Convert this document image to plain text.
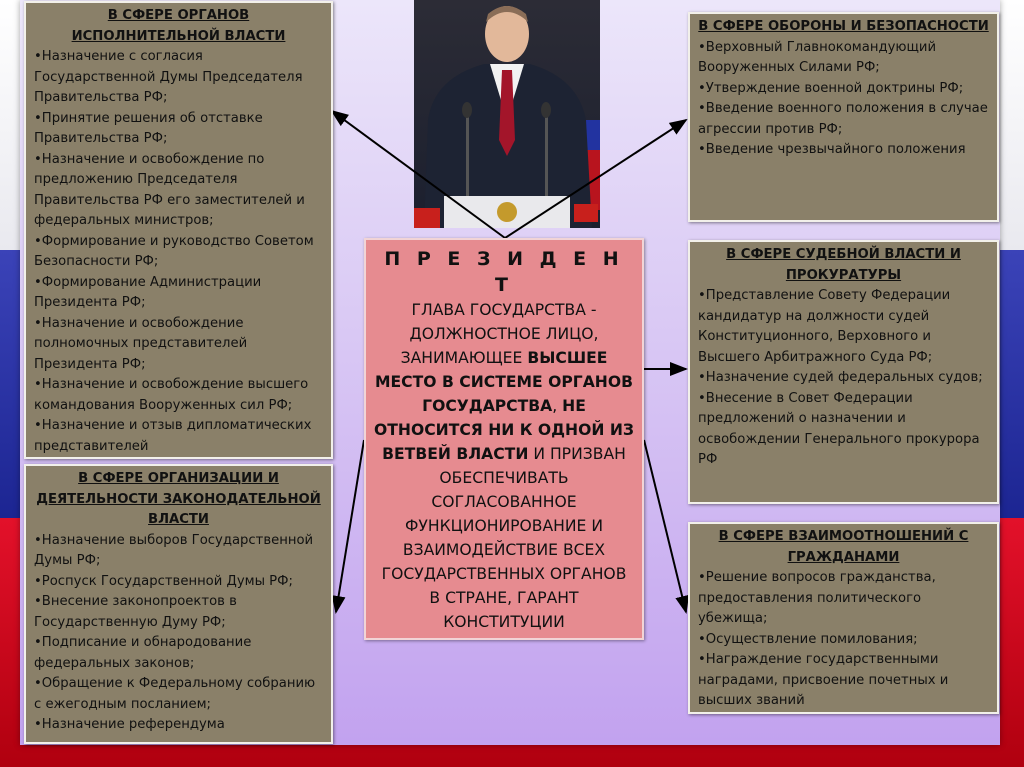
В СФЕРЕ ОРГАНОВ ИСПОЛНИТЕЛЬНОЙ ВЛАСТИ
• Назначение с согласия Государственной Думы Председателя Правительства РФ;
• Принятие решения об отставке Правительства РФ;
• Назначение и освобождение по предложению Председателя Правительства РФ его заместителей и федеральных министров;
• Формирование и руководство Советом Безопасности РФ;
• Формирование Администрации Президента РФ;
• Назначение и освобождение полномочных представителей Президента РФ;
• Назначение и освобождение высшего командования Вооруженных сил РФ;
• Назначение и отзыв дипломатических представителей
В СФЕРЕ ОРГАНИЗАЦИИ И ДЕЯТЕЛЬНОСТИ ЗАКОНОДАТЕЛЬНОЙ ВЛАСТИ
• Назначение выборов Государственной Думы РФ;
• Роспуск Государственной Думы РФ;
• Внесение законопроектов в Государственную Думу РФ;
• Подписание и обнародование федеральных законов;
• Обращение к Федеральному собранию с ежегодным посланием;
• Назначение референдума
В СФЕРЕ ОБОРОНЫ И БЕЗОПАСНОСТИ
• Верховный Главнокомандующий Вооруженных Силами РФ;
• Утверждение военной доктрины РФ;
• Введение военного положения в случае агрессии против РФ;
• Введение чрезвычайного положения
В СФЕРЕ СУДЕБНОЙ ВЛАСТИ И ПРОКУРАТУРЫ
• Представление Совету Федерации кандидатур на должности судей Конституционного, Верховного и Высшего Арбитражного Суда РФ;
• Назначение судей федеральных судов;
• Внесение в Совет Федерации предложений о назначении и освобождении Генерального прокурора РФ
В СФЕРЕ ВЗАИМООТНОШЕНИЙ С ГРАЖДАНАМИ
• Решение вопросов гражданства, предоставления политического убежища;
• Осуществление помилования;
• Награждение государственными наградами, присвоение почетных и высших званий
П Р Е З И Д Е Н Т
ГЛАВА ГОСУДАРСТВА - ДОЛЖНОСТНОЕ ЛИЦО, ЗАНИМАЮЩЕЕ ВЫСШЕЕ МЕСТО В СИСТЕМЕ ОРГАНОВ ГОСУДАРСТВА, НЕ ОТНОСИТСЯ НИ К ОДНОЙ ИЗ ВЕТВЕЙ ВЛАСТИ И ПРИЗВАН ОБЕСПЕЧИВАТЬ СОГЛАСОВАННОЕ ФУНКЦИОНИРОВАНИЕ И ВЗАИМОДЕЙСТВИЕ ВСЕХ ГОСУДАРСТВЕННЫХ ОРГАНОВ В СТРАНЕ, ГАРАНТ КОНСТИТУЦИИ
